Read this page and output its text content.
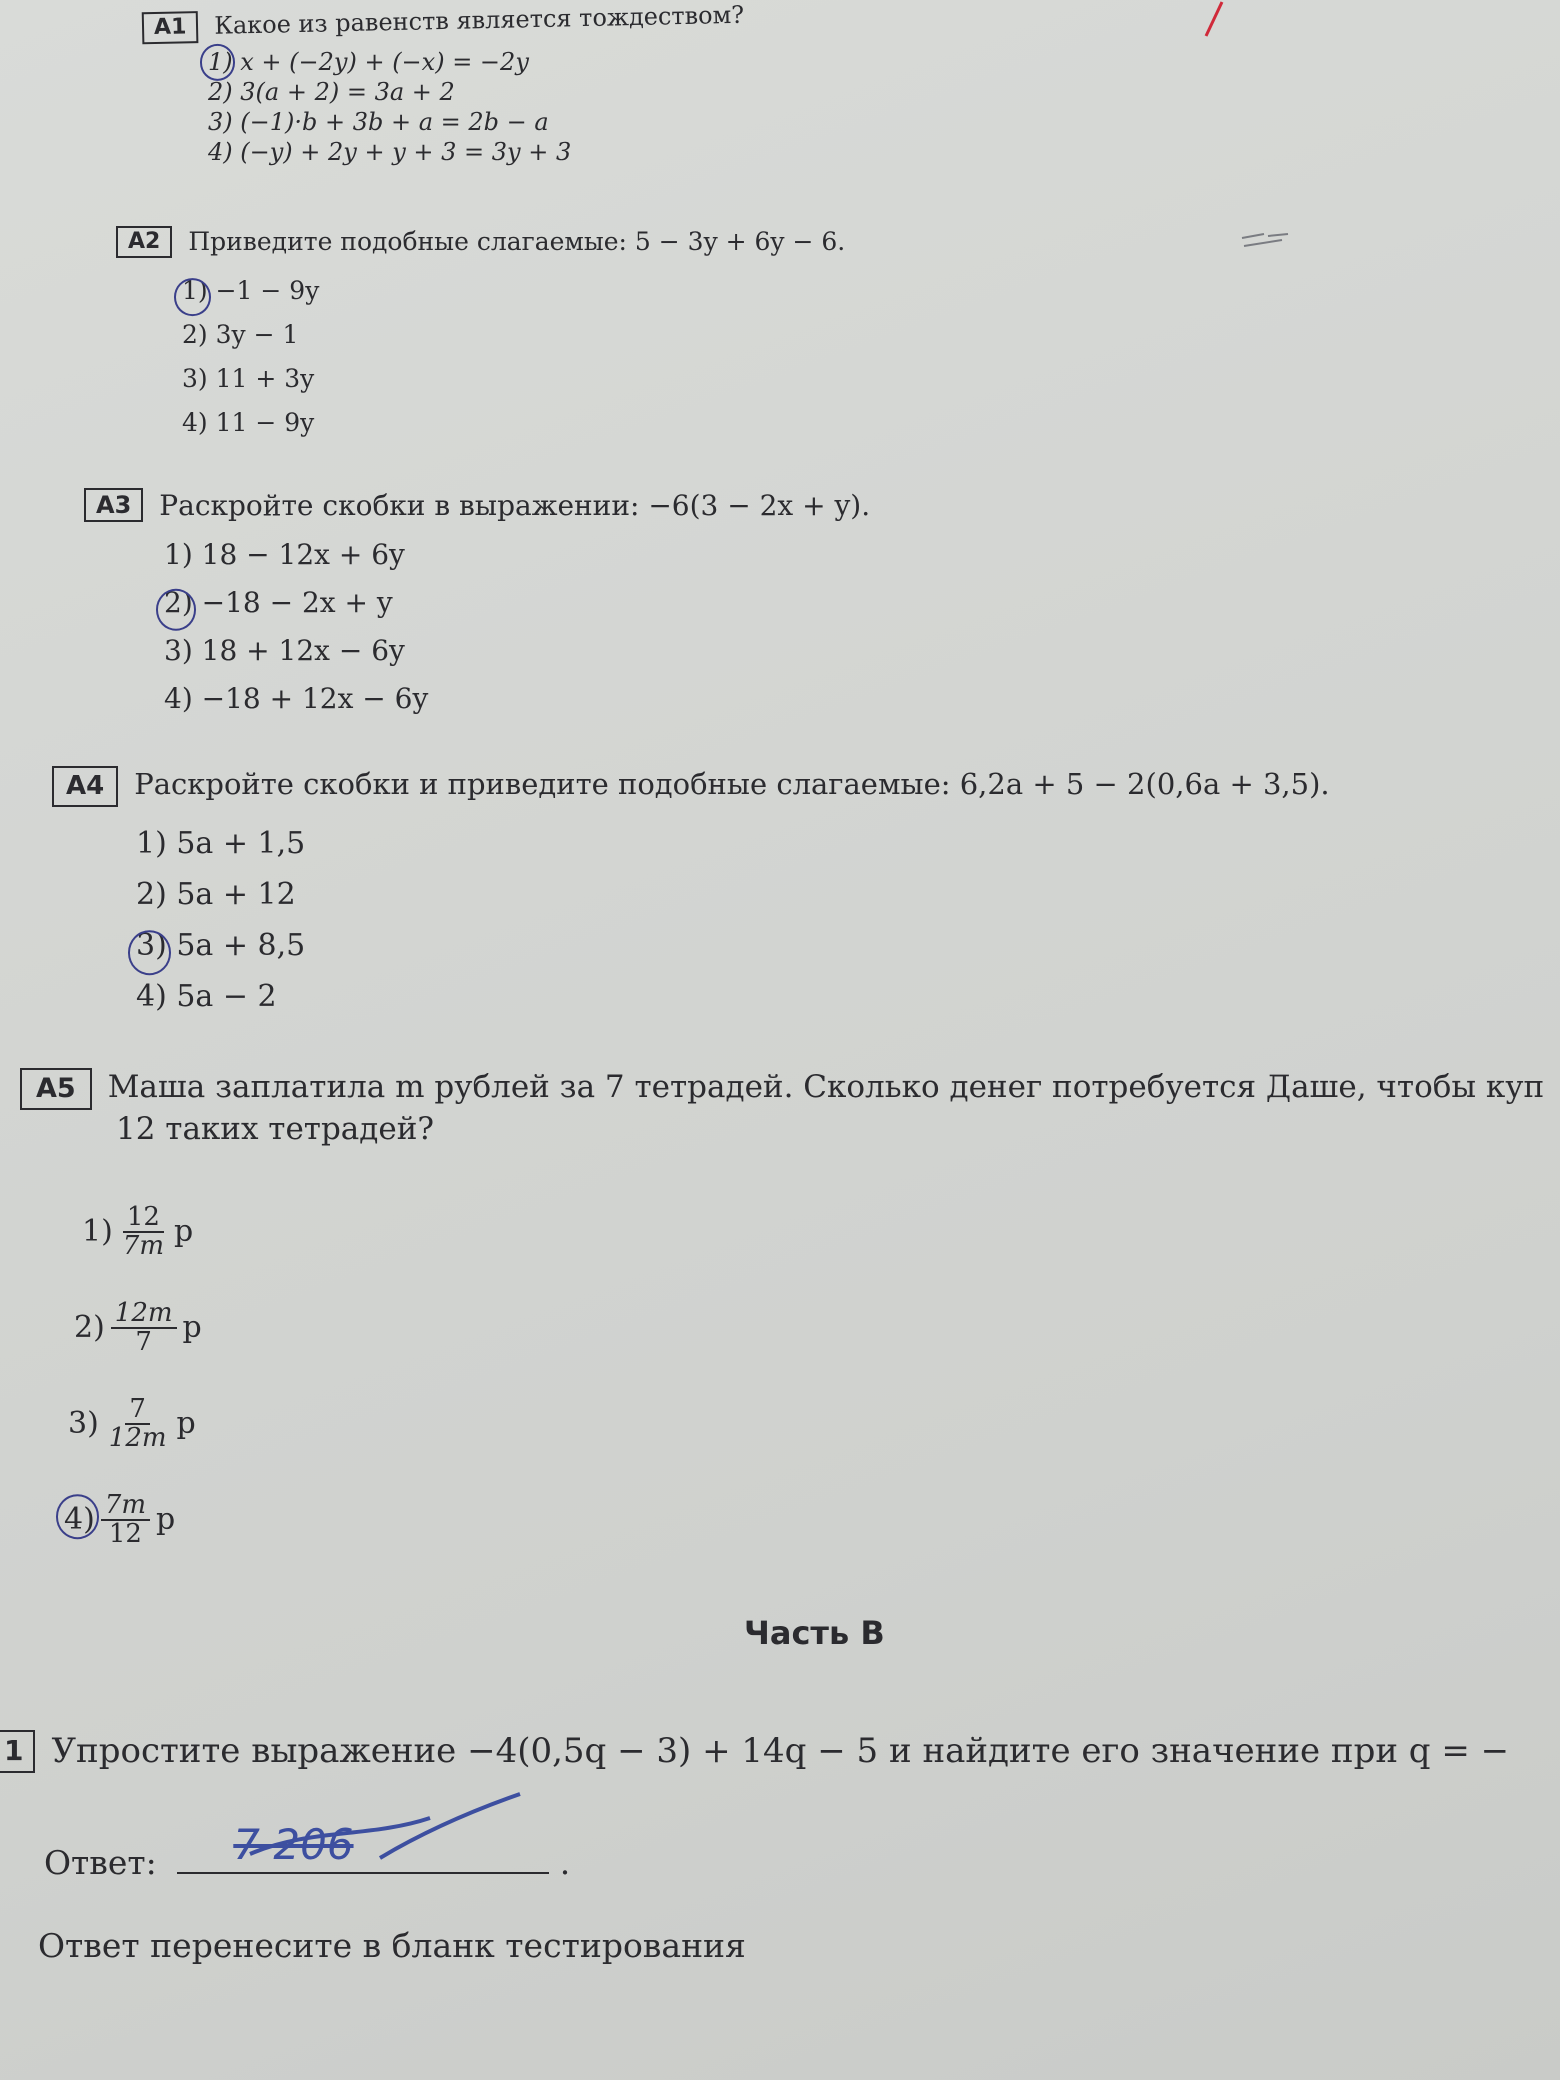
А1	Какое из равенств является тождеством?
1) x + (−2y) + (−x) = −2y
2) 3(a + 2) = 3a + 2
3) (−1)·b + 3b + a = 2b − a
4) (−y) + 2y + y + 3 = 3y + 3
А2	Приведите подобные слагаемые: 5 − 3y + 6y − 6.
1) −1 − 9y
2) 3y − 1
3) 11 + 3y
4) 11 − 9y
А3	Раскройте скобки в выражении: −6(3 − 2x + y).
1) 18 − 12x + 6y
2) −18 − 2x + y
3) 18 + 12x − 6y
4) −18 + 12x − 6y
А4	Раскройте скобки и приведите подобные слагаемые: 6,2a + 5 − 2(0,6a + 3,5).
1) 5a + 1,5
2) 5a + 12
3) 5a + 8,5
4) 5a − 2
А5	Маша заплатила m рублей за 7 тетрадей. Сколько денег потребуется Даше, чтобы куп
12 таких тетрадей?
$1) \frac{12}{7m}$ р
$2) \frac{12m}{7}$ р
$3) \frac{7}{12m}$ р
$4) \frac{7m}{12}$ р
Часть В
1 Упростите выражение −4(0,5q − 3) + 14q − 5 и найдите его значение при q = −
Ответ: 7 206	.
Ответ перенесите в бланк тестирования
